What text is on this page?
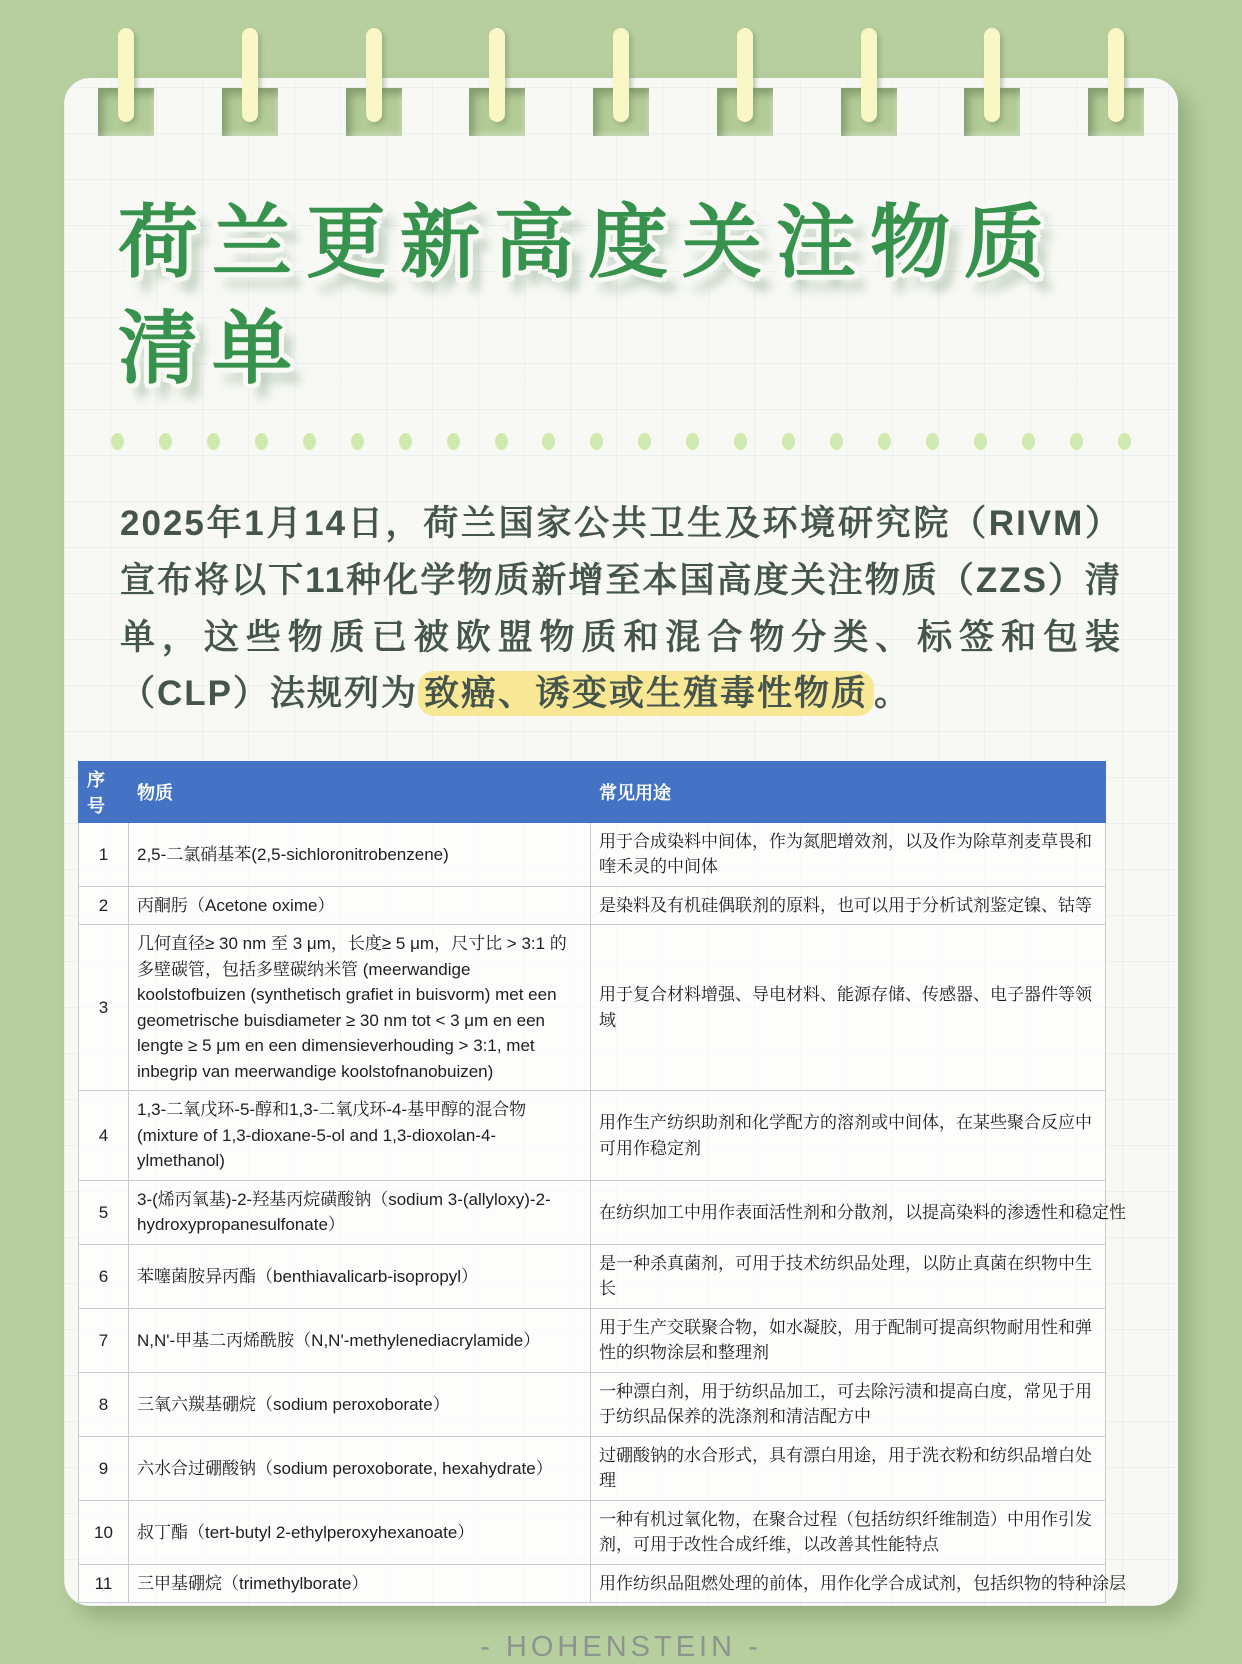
荷兰更新高度关注物质清单

2025年1月14日，荷兰国家公共卫生及环境研究院（RIVM）宣布将以下11种化学物质新增至本国高度关注物质（ZZS）清单，这些物质已被欧盟物质和混合物分类、标签和包装（CLP）法规列为 致癌、诱变或生殖毒性物质 。

序号	物质	常见用途
1	2,5-二氯硝基苯(2,5-sichloronitrobenzene)	用于合成染料中间体，作为氮肥增效剂，以及作为除草剂麦草畏和喹禾灵的中间体
2	丙酮肟（Acetone oxime）	是染料及有机硅偶联剂的原料，也可以用于分析试剂鉴定镍、钴等
3	几何直径≥ 30 nm 至 3 μm，长度≥ 5 μm，尺寸比 > 3:1 的多壁碳管，包括多壁碳纳米管 (meerwandige koolstofbuizen (synthetisch grafiet in buisvorm) met een geometrische buisdiameter ≥ 30 nm tot < 3 μm en een lengte ≥ 5 μm en een dimensieverhouding > 3:1, met inbegrip van meerwandige koolstofnanobuizen)	用于复合材料增强、导电材料、能源存储、传感器、电子器件等领域
4	1,3-二氧戊环-5-醇和1,3-二氧戊环-4-基甲醇的混合物(mixture of 1,3-dioxane-5-ol and 1,3-dioxolan-4-ylmethanol)	用作生产纺织助剂和化学配方的溶剂或中间体，在某些聚合反应中可用作稳定剂
5	3-(烯丙氧基)-2-羟基丙烷磺酸钠（sodium 3-(allyloxy)-2-hydroxypropanesulfonate）	在纺织加工中用作表面活性剂和分散剂，以提高染料的渗透性和稳定性
6	苯噻菌胺异丙酯（benthiavalicarb-isopropyl）	是一种杀真菌剂，可用于技术纺织品处理，以防止真菌在织物中生长
7	N,N'-甲基二丙烯酰胺（N,N'-methylenediacrylamide）	用于生产交联聚合物，如水凝胶，用于配制可提高织物耐用性和弹性的织物涂层和整理剂
8	三氧六羰基硼烷（sodium peroxoborate）	一种漂白剂，用于纺织品加工，可去除污渍和提高白度，常见于用于纺织品保养的洗涤剂和清洁配方中
9	六水合过硼酸钠（sodium peroxoborate, hexahydrate）	过硼酸钠的水合形式，具有漂白用途，用于洗衣粉和纺织品增白处理
10	叔丁酯（tert-butyl 2-ethylperoxyhexanoate）	一种有机过氧化物，在聚合过程（包括纺织纤维制造）中用作引发剂，可用于改性合成纤维，以改善其性能特点
11	三甲基硼烷（trimethylborate）	用作纺织品阻燃处理的前体，用作化学合成试剂，包括织物的特种涂层
- HOHENSTEIN -
